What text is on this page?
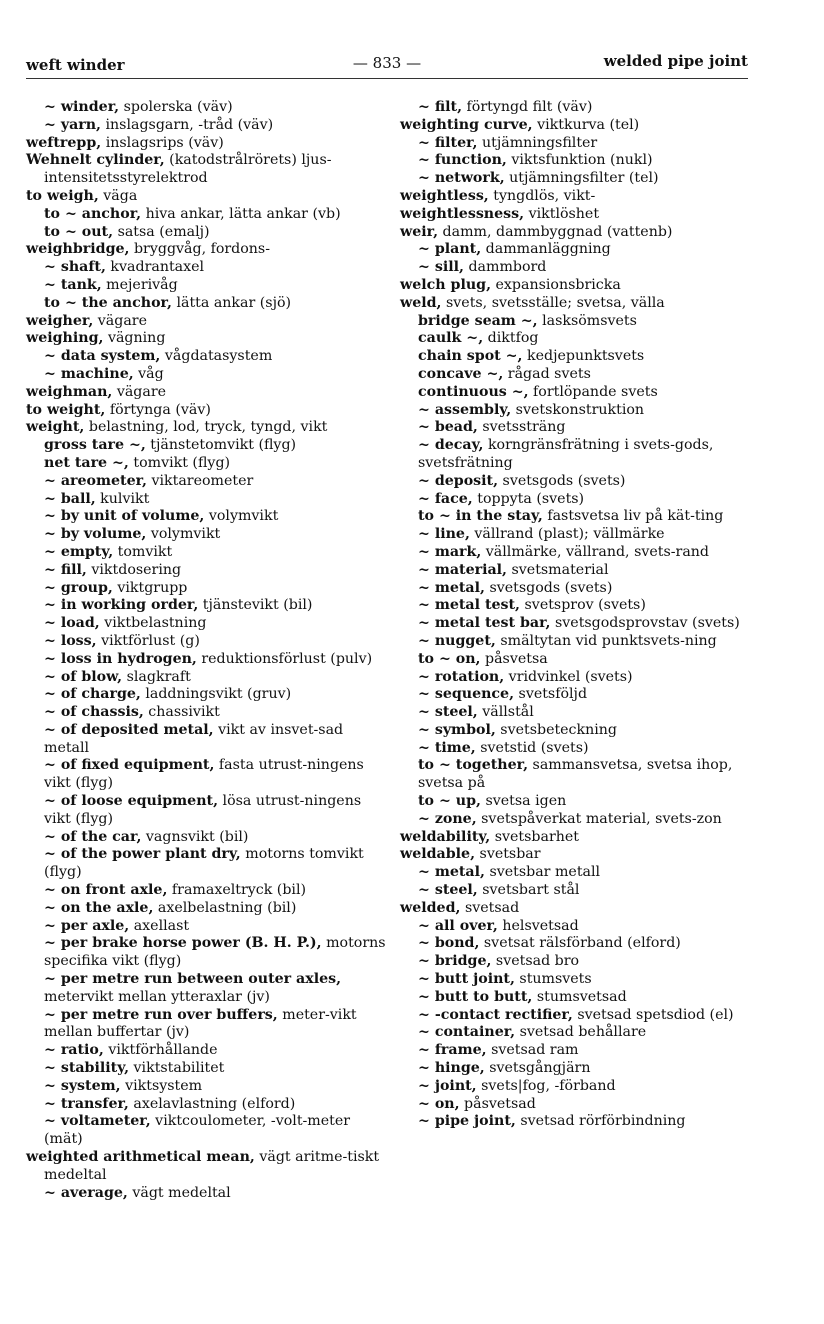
weft winder	— 833 —	welded pipe joint
~ winder, spolerska (väv)
~ yarn, inslagsgarn, -tråd (väv)
weftrepp, inslagsrips (väv)
Wehnelt cylinder, (katodstrålrörets) ljus-intensitetsstyrelektrod
to weigh, väga
to ~ anchor, hiva ankar, lätta ankar (vb)
to ~ out, satsa (emalj)
weighbridge, bryggvåg, fordons-
~ shaft, kvadrantaxel
~ tank, mejerivåg
to ~ the anchor, lätta ankar (sjö)
weigher, vägare
weighing, vägning
~ data system, vågdatasystem
~ machine, våg
weighman, vägare
to weight, förtynga (väv)
weight, belastning, lod, tryck, tyngd, vikt
gross tare ~, tjänstetomvikt (flyg)
net tare ~, tomvikt (flyg)
~ areometer, viktareometer
~ ball, kulvikt
~ by unit of volume, volymvikt
~ by volume, volymvikt
~ empty, tomvikt
~ fill, viktdosering
~ group, viktgrupp
~ in working order, tjänstevikt (bil)
~ load, viktbelastning
~ loss, viktförlust (g)
~ loss in hydrogen, reduktionsförlust (pulv)
~ of blow, slagkraft
~ of charge, laddningsvikt (gruv)
~ of chassis, chassivikt
~ of deposited metal, vikt av insvet-sad metall
~ of fixed equipment, fasta utrust-ningens vikt (flyg)
~ of loose equipment, lösa utrust-ningens vikt (flyg)
~ of the car, vagnsvikt (bil)
~ of the power plant dry, motorns tomvikt (flyg)
~ on front axle, framaxeltryck (bil)
~ on the axle, axelbelastning (bil)
~ per axle, axellast
~ per brake horse power (B. H. P.), motorns specifika vikt (flyg)
~ per metre run between outer axles, metervikt mellan ytteraxlar (jv)
~ per metre run over buffers, meter-vikt mellan buffertar (jv)
~ ratio, viktförhållande
~ stability, viktstabilitet
~ system, viktsystem
~ transfer, axelavlastning (elford)
~ voltameter, viktcoulometer, -volt-meter (mät)
weighted arithmetical mean, vägt aritme-tiskt medeltal
~ average, vägt medeltal
~ filt, förtyngd filt (väv)
weighting curve, viktkurva (tel)
~ filter, utjämningsfilter
~ function, viktsfunktion (nukl)
~ network, utjämningsfilter (tel)
weightless, tyngdlös, vikt-
weightlessness, viktlöshet
weir, damm, dammbyggnad (vattenb)
~ plant, dammanläggning
~ sill, dammbord
welch plug, expansionsbricka
weld, svets, svetsställe; svetsa, välla
bridge seam ~, lasksömsvets
caulk ~, diktfog
chain spot ~, kedjepunktsvets
concave ~, rågad svets
continuous ~, fortlöpande svets
~ assembly, svetskonstruktion
~ bead, svetssträng
~ decay, korngränsfrätning i svets-gods, svetsfrätning
~ deposit, svetsgods (svets)
~ face, toppyta (svets)
to ~ in the stay, fastsvetsa liv på kät-ting
~ line, vällrand (plast); vällmärke
~ mark, vällmärke, vällrand, svets-rand
~ material, svetsmaterial
~ metal, svetsgods (svets)
~ metal test, svetsprov (svets)
~ metal test bar, svetsgodsprovstav (svets)
~ nugget, smältytan vid punktsvets-ning
to ~ on, påsvetsa
~ rotation, vridvinkel (svets)
~ sequence, svetsföljd
~ steel, vällstål
~ symbol, svetsbeteckning
~ time, svetstid (svets)
to ~ together, sammansvetsa, svetsa ihop, svetsa på
to ~ up, svetsa igen
~ zone, svetspåverkat material, svets-zon
weldability, svetsbarhet
weldable, svetsbar
~ metal, svetsbar metall
~ steel, svetsbart stål
welded, svetsad
~ all over, helsvetsad
~ bond, svetsat rälsförband (elford)
~ bridge, svetsad bro
~ butt joint, stumsvets
~ butt to butt, stumsvetsad
~ -contact rectifier, svetsad spetsdiod (el)
~ container, svetsad behållare
~ frame, svetsad ram
~ hinge, svetsgångjärn
~ joint, svets|fog, -förband
~ on, påsvetsad
~ pipe joint, svetsad rörförbindning
